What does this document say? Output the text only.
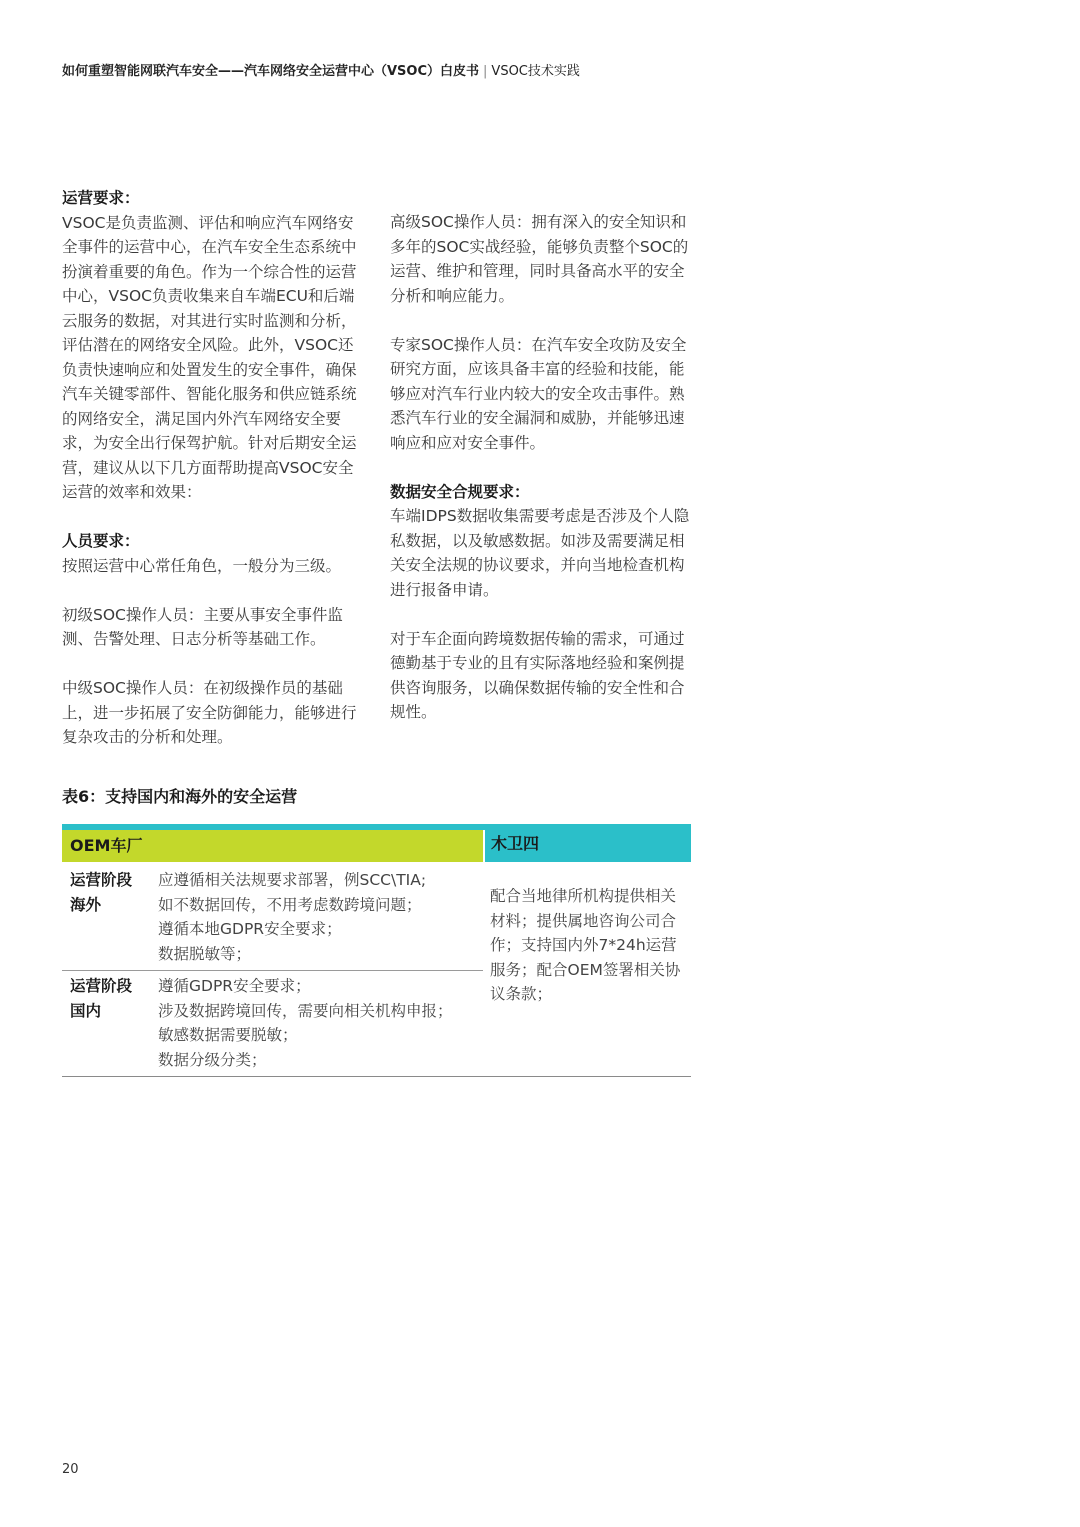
如何重塑智能网联汽车安全——汽车网络安全运营中心（VSOC）白皮书 | VSOC技术实践
运营要求：

VSOC是负责监测、评估和响应汽车网络安全事件的运营中心，在汽车安全生态系统中扮演着重要的角色。作为一个综合性的运营中心，VSOC负责收集来自车端ECU和后端云服务的数据，对其进行实时监测和分析，评估潜在的网络安全风险。此外，VSOC还负责快速响应和处置发生的安全事件，确保汽车关键零部件、智能化服务和供应链系统的网络安全，满足国内外汽车网络安全要求，为安全出行保驾护航。针对后期安全运营，建议从以下几方面帮助提高VSOC安全运营的效率和效果：

人员要求：

按照运营中心常任角色，一般分为三级。

初级SOC操作人员：主要从事安全事件监测、告警处理、日志分析等基础工作。

中级SOC操作人员：在初级操作员的基础上，进一步拓展了安全防御能力，能够进行复杂攻击的分析和处理。

高级SOC操作人员：拥有深入的安全知识和多年的SOC实战经验，能够负责整个SOC的运营、维护和管理，同时具备高水平的安全分析和响应能力。

专家SOC操作人员：在汽车安全攻防及安全研究方面，应该具备丰富的经验和技能，能够应对汽车行业内较大的安全攻击事件。熟悉汽车行业的安全漏洞和威胁，并能够迅速响应和应对安全事件。

数据安全合规要求：

车端IDPS数据收集需要考虑是否涉及个人隐私数据，以及敏感数据。如涉及需要满足相关安全法规的协议要求，并向当地检查机构进行报备申请。

对于车企面向跨境数据传输的需求，可通过德勤基于专业的且有实际落地经验和案例提供咨询服务，以确保数据传输的安全性和合规性。

表6：支持国内和海外的安全运营
OEM车厂	木卫四
运营阶段
海外
应遵循相关法规要求部署，例SCC\TIA;
如不数据回传，不用考虑数跨境问题；
遵循本地GDPR安全要求；
数据脱敏等；
运营阶段
国内
遵循GDPR安全要求；
涉及数据跨境回传，需要向相关机构申报；
敏感数据需要脱敏；
数据分级分类；
配合当地律所机构提供相关材料；提供属地咨询公司合作；支持国内外7*24h运营服务；配合OEM签署相关协议条款；
20
